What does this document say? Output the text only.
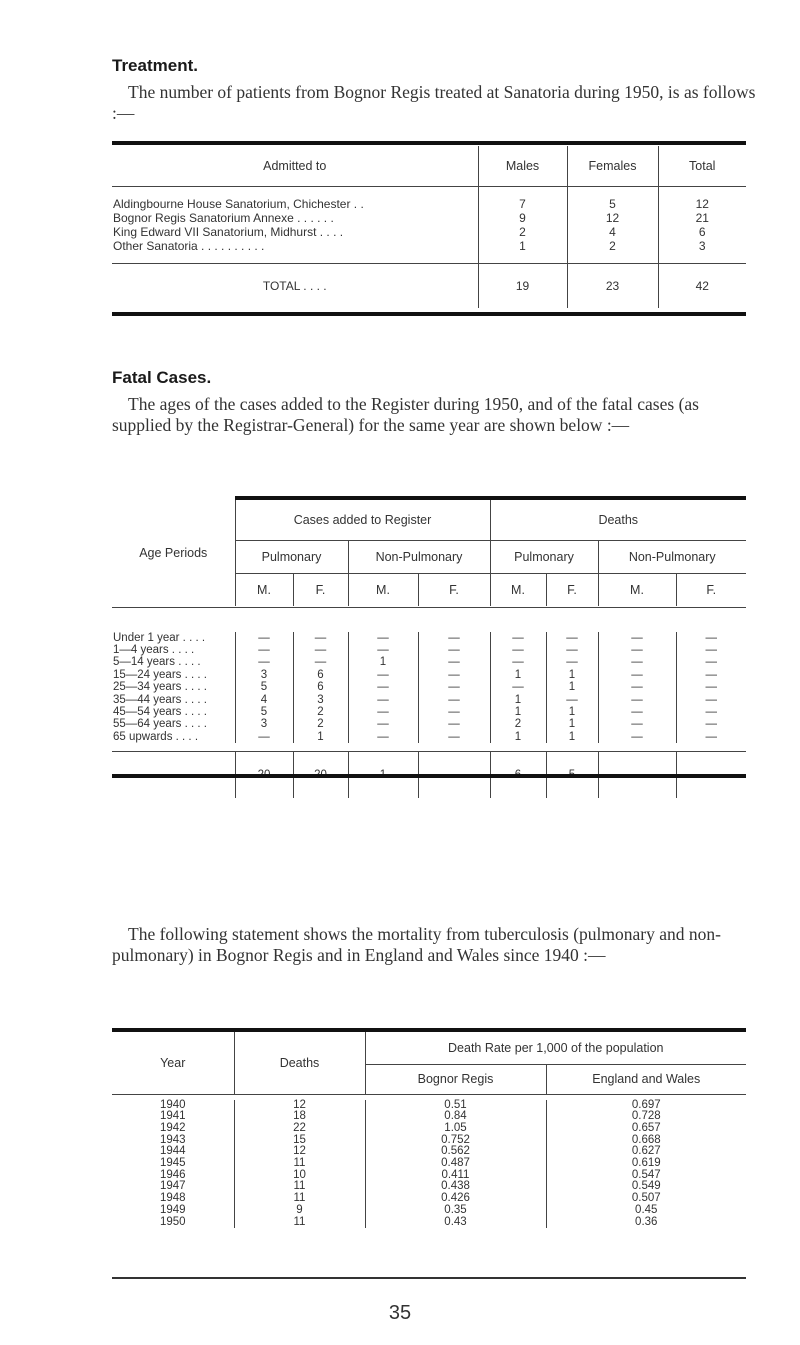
Treatment.

The number of patients from Bognor Regis treated at Sanatoria during 1950, is as follows :—

Admitted to	Males	Females	Total
Aldingbourne House Sanatorium, Chichester . .	7	5	12
Bognor Regis Sanatorium Annexe . . . . . .	9	12	21
King Edward VII Sanatorium, Midhurst . . . .	2	4	6
Other Sanatoria . . . . . . . . . .	1	2	3
TOTAL . . . .	19	23	42
Fatal Cases.

The ages of the cases added to the Register during 1950, and of the fatal cases (as supplied by the Registrar-General) for the same year are shown below :—

Age Periods	Cases added to Register				Deaths			
	Pulmonary		Non-Pulmonary		Pulmonary		Non-Pulmonary	
	M.	F.	M.	F.	M.	F.	M.	F.

Under 1 year . . . .	—	—	—	—	—	—	—	—
1—4 years . . . .	—	—	—	—	—	—	—	—
5—14 years . . . .	—	—	1	—	—	—	—	—
15—24 years . . . .	3	6	—	—	1	1	—	—
25—34 years . . . .	5	6	—	—	—	1	—	—
35—44 years . . . .	4	3	—	—	1	—	—	—
45—54 years . . . .	5	2	—	—	1	1	—	—
55—64 years . . . .	3	2	—	—	2	1	—	—
65 upwards . . . .	—	1	—	—	1	1	—	—

The following statement shows the mortality from tuberculosis (pulmonary and non-pulmonary) in Bognor Regis and in England and Wales since 1940 :—

Year	Deaths	Death Rate per 1,000 of the population	
		Bognor Regis	England and Wales

1940	12	0.51	0.697
1941	18	0.84	0.728
1942	22	1.05	0.657
1943	15	0.752	0.668
1944	12	0.562	0.627
1945	11	0.487	0.619
1946	10	0.411	0.547
1947	11	0.438	0.549
1948	11	0.426	0.507
1949	9	0.35	0.45
1950	11	0.43	0.36
35
